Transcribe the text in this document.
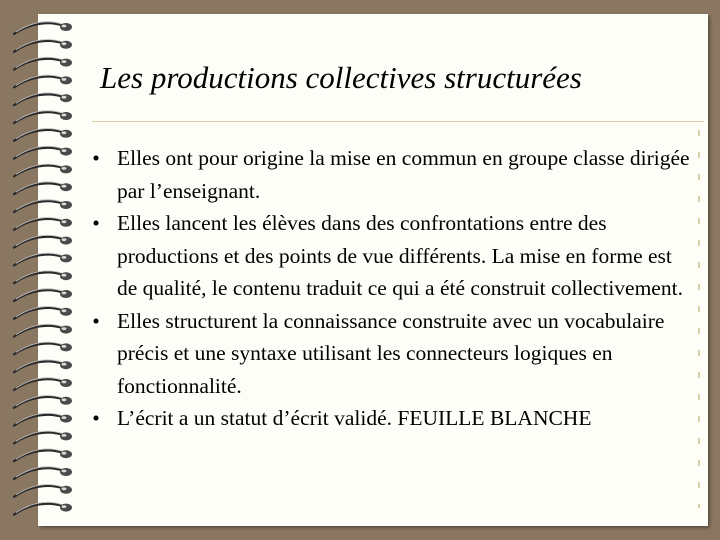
Les productions collectives structurées
• Elles ont pour origine la mise en commun en groupe classe dirigée par l’enseignant.
• Elles lancent les élèves dans des confrontations entre des productions et des points de vue différents. La mise en forme est de qualité, le contenu traduit ce qui a été construit collectivement.
• Elles structurent la connaissance construite avec un vocabulaire précis et une syntaxe utilisant les connecteurs logiques en fonctionnalité.
• L’écrit a un statut d’écrit validé. FEUILLE BLANCHE
